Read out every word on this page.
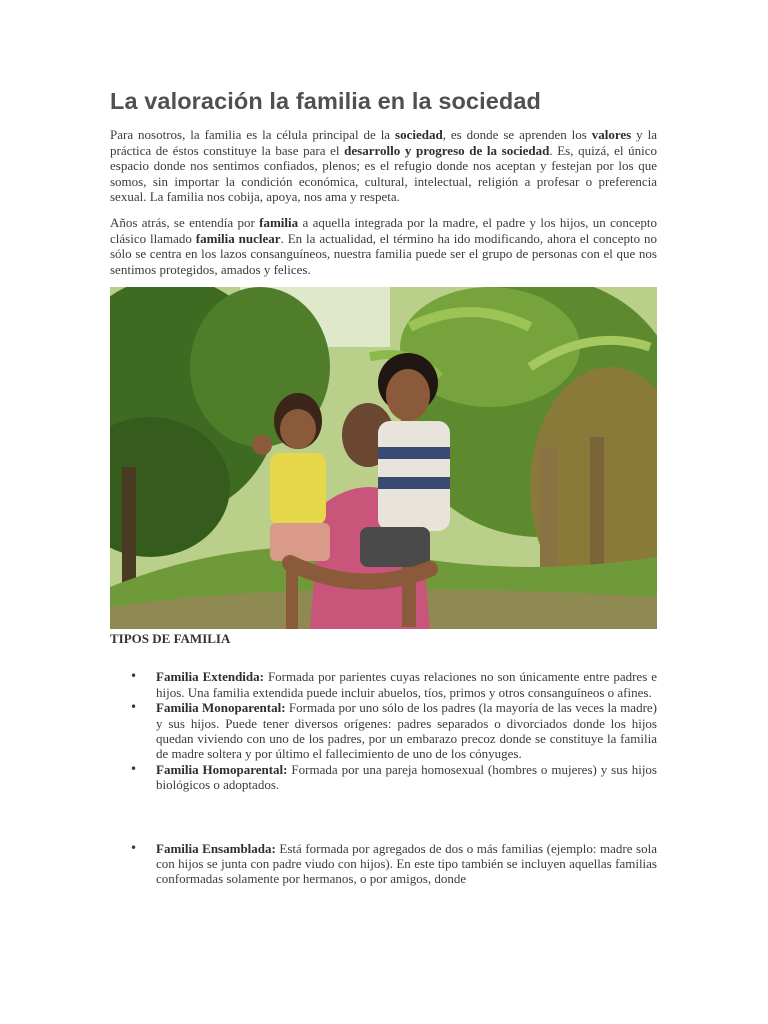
La valoración la familia en la sociedad

Para nosotros, la familia es la célula principal de la sociedad, es donde se aprenden los valores y la práctica de éstos constituye la base para el desarrollo y progreso de la sociedad. Es, quizá, el único espacio donde nos sentimos confiados, plenos; es el refugio donde nos aceptan y festejan por los que somos, sin importar la condición económica, cultural, intelectual, religión a profesar o preferencia sexual. La familia nos cobija, apoya, nos ama y respeta.

Años atrás, se entendía por familia a aquella integrada por la madre, el padre y los hijos, un concepto clásico llamado familia nuclear. En la actualidad, el término ha ido modificando, ahora el concepto no sólo se centra en los lazos consanguíneos, nuestra familia puede ser el grupo de personas con el que nos sentimos protegidos, amados y felices.

TIPOS DE FAMILIA
• Familia Extendida: Formada por parientes cuyas relaciones no son únicamente entre padres e hijos. Una familia extendida puede incluir abuelos, tíos, primos y otros consanguíneos o afines.
• Familia Monoparental: Formada por uno sólo de los padres (la mayoría de las veces la madre) y sus hijos. Puede tener diversos orígenes: padres separados o divorciados donde los hijos quedan viviendo con uno de los padres, por un embarazo precoz donde se constituye la familia de madre soltera y por último el fallecimiento de uno de los cónyuges.
• Familia Homoparental: Formada por una pareja homosexual (hombres o mujeres) y sus hijos biológicos o adoptados.
• Familia Ensamblada: Está formada por agregados de dos o más familias (ejemplo: madre sola con hijos se junta con padre viudo con hijos). En este tipo también se incluyen aquellas familias conformadas solamente por hermanos, o por amigos, donde
